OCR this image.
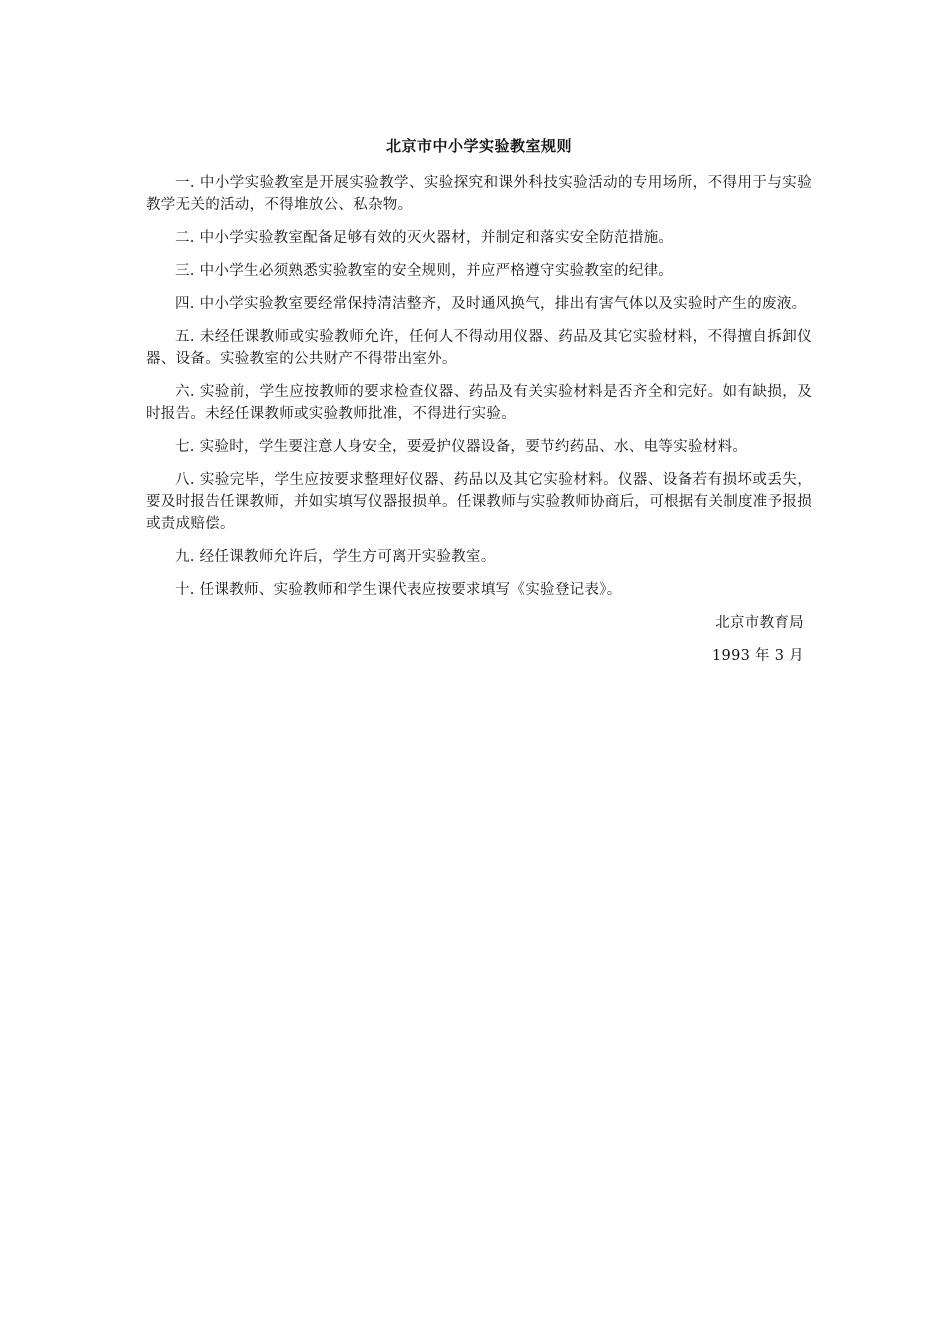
北京市中小学实验教室规则

一. 中小学实验教室是开展实验教学、实验探究和课外科技实验活动的专用场所，不得用于与实验教学无关的活动，不得堆放公、私杂物。

二. 中小学实验教室配备足够有效的灭火器材，并制定和落实安全防范措施。

三. 中小学生必须熟悉实验教室的安全规则，并应严格遵守实验教室的纪律。

四. 中小学实验教室要经常保持清洁整齐，及时通风换气，排出有害气体以及实验时产生的废液。

五. 未经任课教师或实验教师允许，任何人不得动用仪器、药品及其它实验材料，不得擅自拆卸仪器、设备。实验教室的公共财产不得带出室外。

六. 实验前，学生应按教师的要求检查仪器、药品及有关实验材料是否齐全和完好。如有缺损，及时报告。未经任课教师或实验教师批准，不得进行实验。

七. 实验时，学生要注意人身安全，要爱护仪器设备，要节约药品、水、电等实验材料。

八. 实验完毕，学生应按要求整理好仪器、药品以及其它实验材料。仪器、设备若有损坏或丢失，要及时报告任课教师，并如实填写仪器报损单。任课教师与实验教师协商后，可根据有关制度准予报损或责成赔偿。

九. 经任课教师允许后，学生方可离开实验教室。

十. 任课教师、实验教师和学生课代表应按要求填写《实验登记表》。

北京市教育局

1993 年 3 月
